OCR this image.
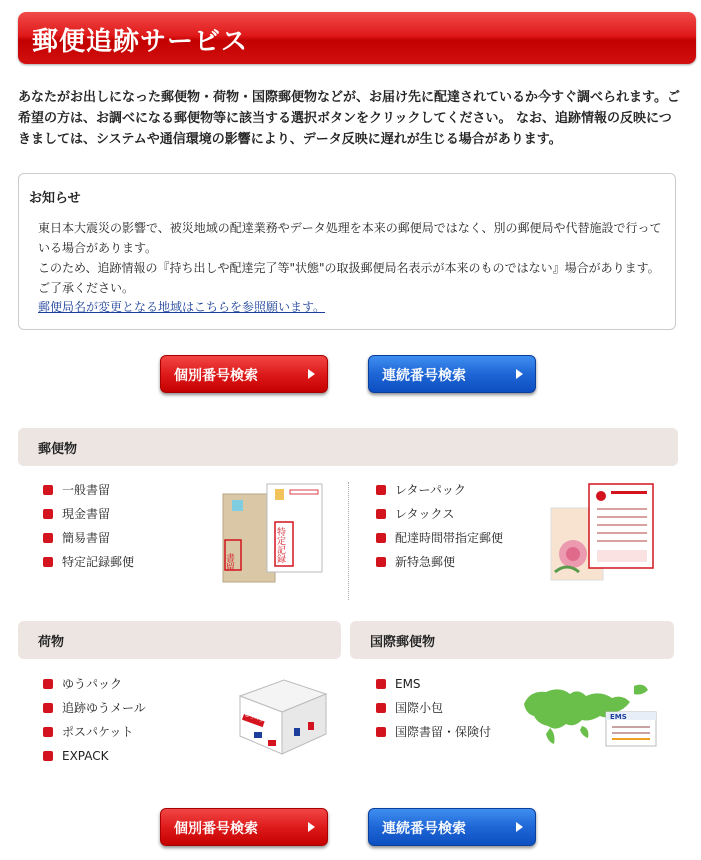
郵便追跡サービス
あなたがお出しになった郵便物・荷物・国際郵便物などが、お届け先に配達されているか今すぐ調べられます。ご希望の方は、お調べになる郵便物等に該当する選択ボタンをクリックしてください。 なお、追跡情報の反映につきましては、システムや通信環境の影響により、データ反映に遅れが生じる場合があります。
お知らせ
東日本大震災の影響で、被災地域の配達業務やデータ処理を本来の郵便局ではなく、別の郵便局や代替施設で行っている場合があります。
このため、追跡情報の『持ち出しや配達完了等"状態"の取扱郵便局名表示が本来のものではない』場合があります。ご了承ください。
郵便局名が変更となる地域はこちらを参照願います。
個別番号検索	連続番号検索
郵便物
一般書留
現金書留
簡易書留
特定記録郵便	書留	特定記録
レターパック
レタックス
配達時間帯指定郵便
新特急郵便
荷物
ゆうパック
追跡ゆうメール
ポスパケット
EXPACK
ゆうパック
国際郵便物
EMS
国際小包
国際書留・保険付
EMS
個別番号検索	連続番号検索
